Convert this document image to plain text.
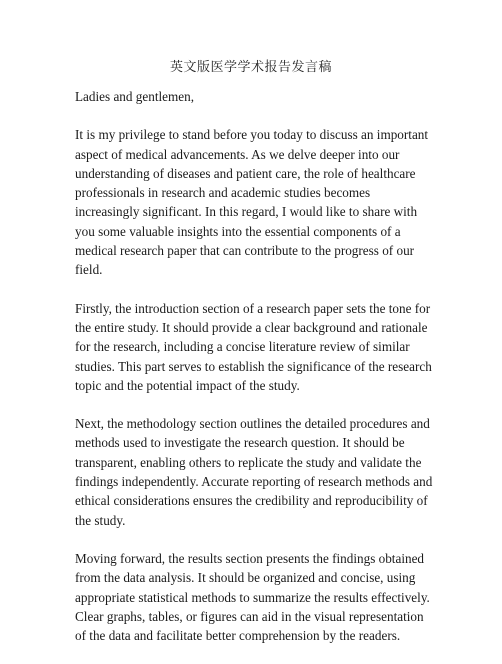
英文版医学学术报告发言稿

Ladies and gentlemen,

It is my privilege to stand before you today to discuss an important aspect of medical advancements. As we delve deeper into our understanding of diseases and patient care, the role of healthcare professionals in research and academic studies becomes increasingly significant. In this regard, I would like to share with you some valuable insights into the essential components of a medical research paper that can contribute to the progress of our field.

Firstly, the introduction section of a research paper sets the tone for the entire study. It should provide a clear background and rationale for the research, including a concise literature review of similar studies. This part serves to establish the significance of the research topic and the potential impact of the study.

Next, the methodology section outlines the detailed procedures and methods used to investigate the research question. It should be transparent, enabling others to replicate the study and validate the findings independently. Accurate reporting of research methods and ethical considerations ensures the credibility and reproducibility of the study.

Moving forward, the results section presents the findings obtained from the data analysis. It should be organized and concise, using appropriate statistical methods to summarize the results effectively. Clear graphs, tables, or figures can aid in the visual representation of the data and facilitate better comprehension by the readers.
